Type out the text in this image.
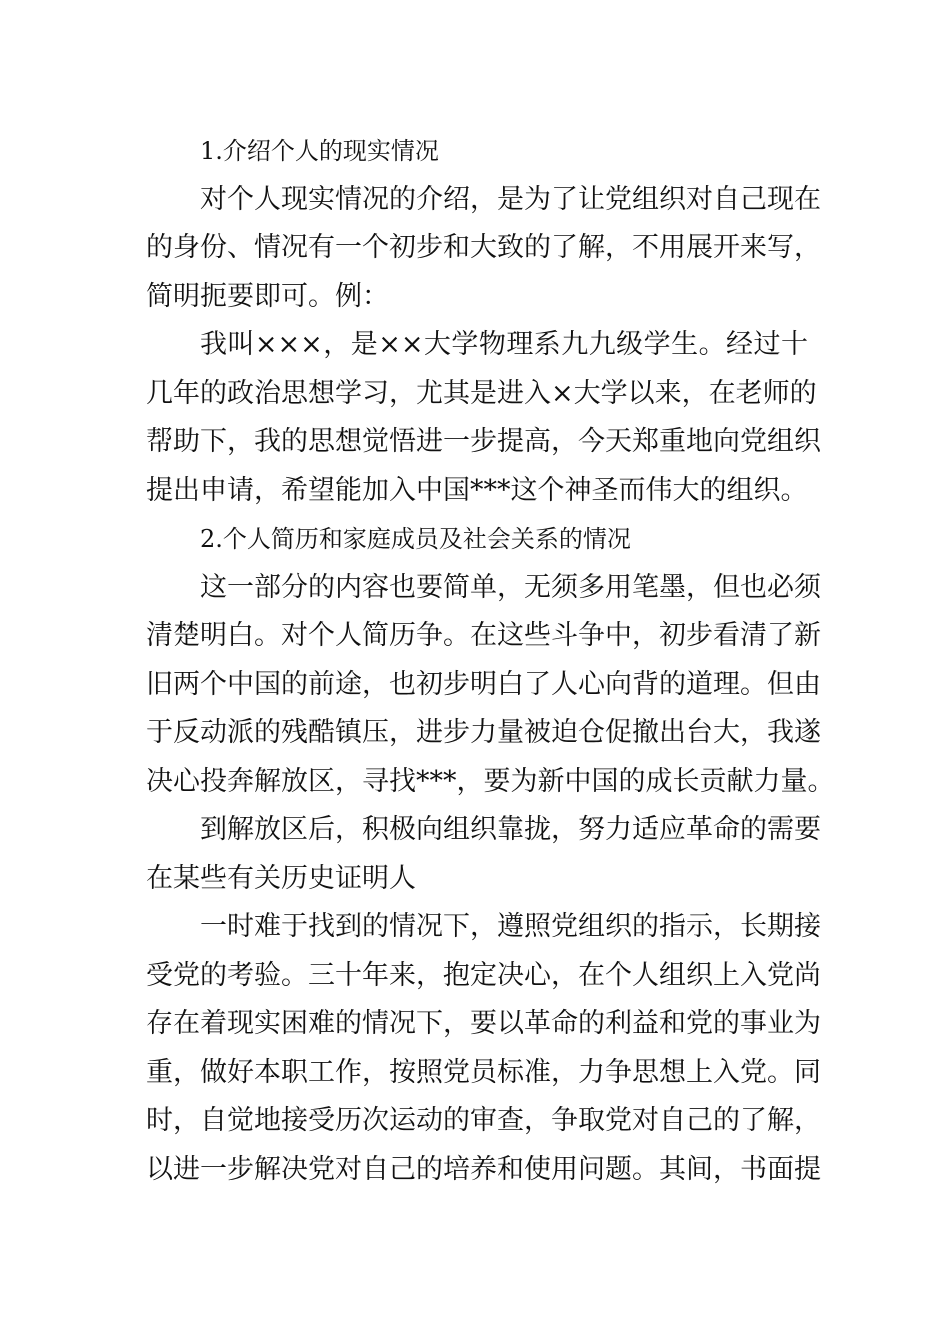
1.介绍个人的现实情况
对个人现实情况的介绍，是为了让党组织对自己现在
的身份、情况有一个初步和大致的了解，不用展开来写，
简明扼要即可。例：
我叫×××，是××大学物理系九九级学生。经过十
几年的政治思想学习，尤其是进入×大学以来，在老师的
帮助下，我的思想觉悟进一步提高，今天郑重地向党组织
提出申请，希望能加入中国***这个神圣而伟大的组织。
2.个人简历和家庭成员及社会关系的情况
这一部分的内容也要简单，无须多用笔墨，但也必须
清楚明白。对个人简历争。在这些斗争中，初步看清了新
旧两个中国的前途，也初步明白了人心向背的道理。但由
于反动派的残酷镇压，进步力量被迫仓促撤出台大，我遂
决心投奔解放区，寻找***，要为新中国的成长贡献力量。
到解放区后，积极向组织靠拢，努力适应革命的需要
在某些有关历史证明人
一时难于找到的情况下，遵照党组织的指示，长期接
受党的考验。三十年来，抱定决心，在个人组织上入党尚
存在着现实困难的情况下，要以革命的利益和党的事业为
重，做好本职工作，按照党员标准，力争思想上入党。同
时，自觉地接受历次运动的审查，争取党对自己的了解，
以进一步解决党对自己的培养和使用问题。其间，书面提
